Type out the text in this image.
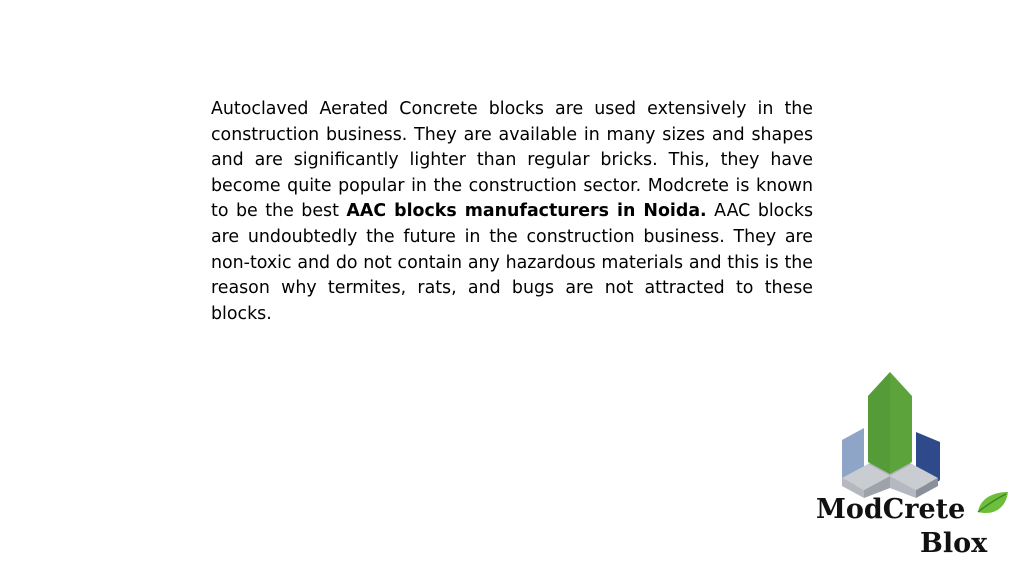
Autoclaved Aerated Concrete blocks are used extensively in the construction business. They are available in many sizes and shapes and are significantly lighter than regular bricks. This, they have become quite popular in the construction sector. Modcrete is known to be the best AAC blocks manufacturers in Noida. AAC blocks are undoubtedly the future in the construction business. They are non-toxic and do not contain any hazardous materials and this is the reason why termites, rats, and bugs are not attracted to these blocks.

ModCrete
Blox
